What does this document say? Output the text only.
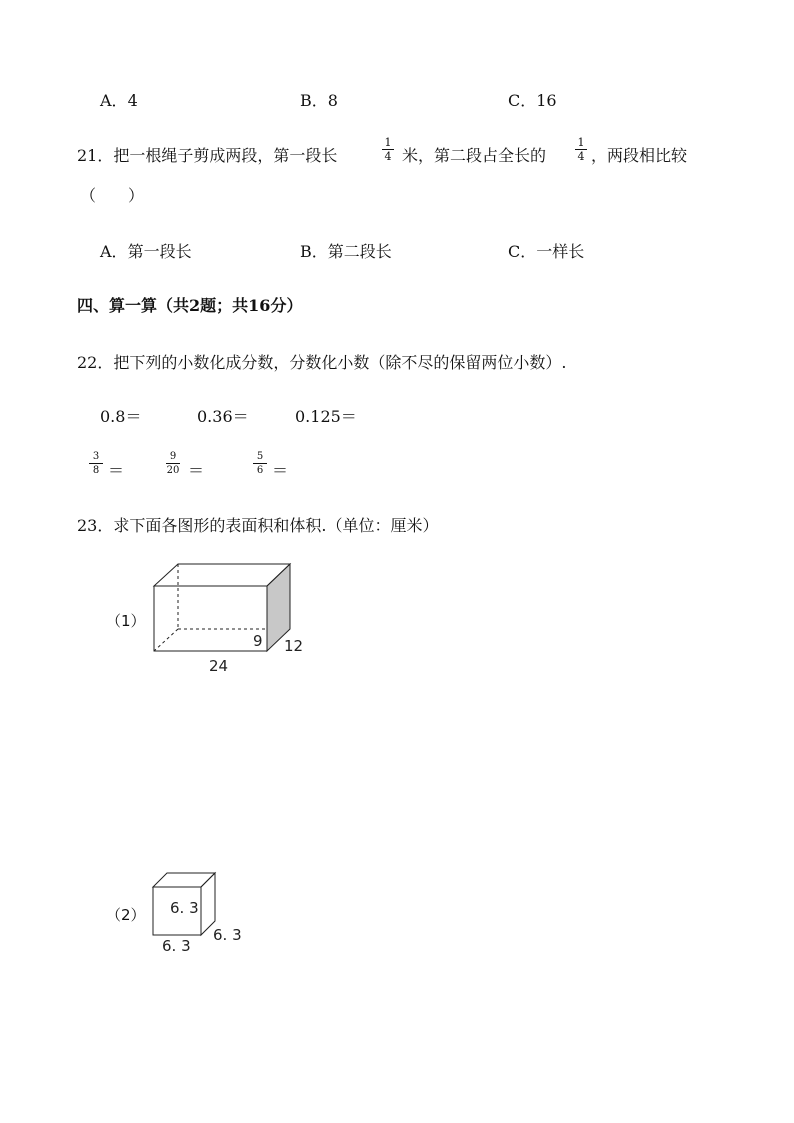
A．4	B．8	C．16
21．把一根绳子剪成两段，第一段长
1
4 米，第二段占全长的
1
4 ，两段相比较
（　　）
A．第一段长	B．第二段长	C．一样长
四、算一算（共2题；共16分）
22．把下列的小数化成分数，分数化小数（除不尽的保留两位小数）.
0.8＝	0.36＝	0.125＝
3
8 ＝
9
20 ＝
5
6 ＝
23．求下面各图形的表面积和体积.（单位：厘米）
（1）
9 12
24
（2） 6. 3
6. 3
6. 3
